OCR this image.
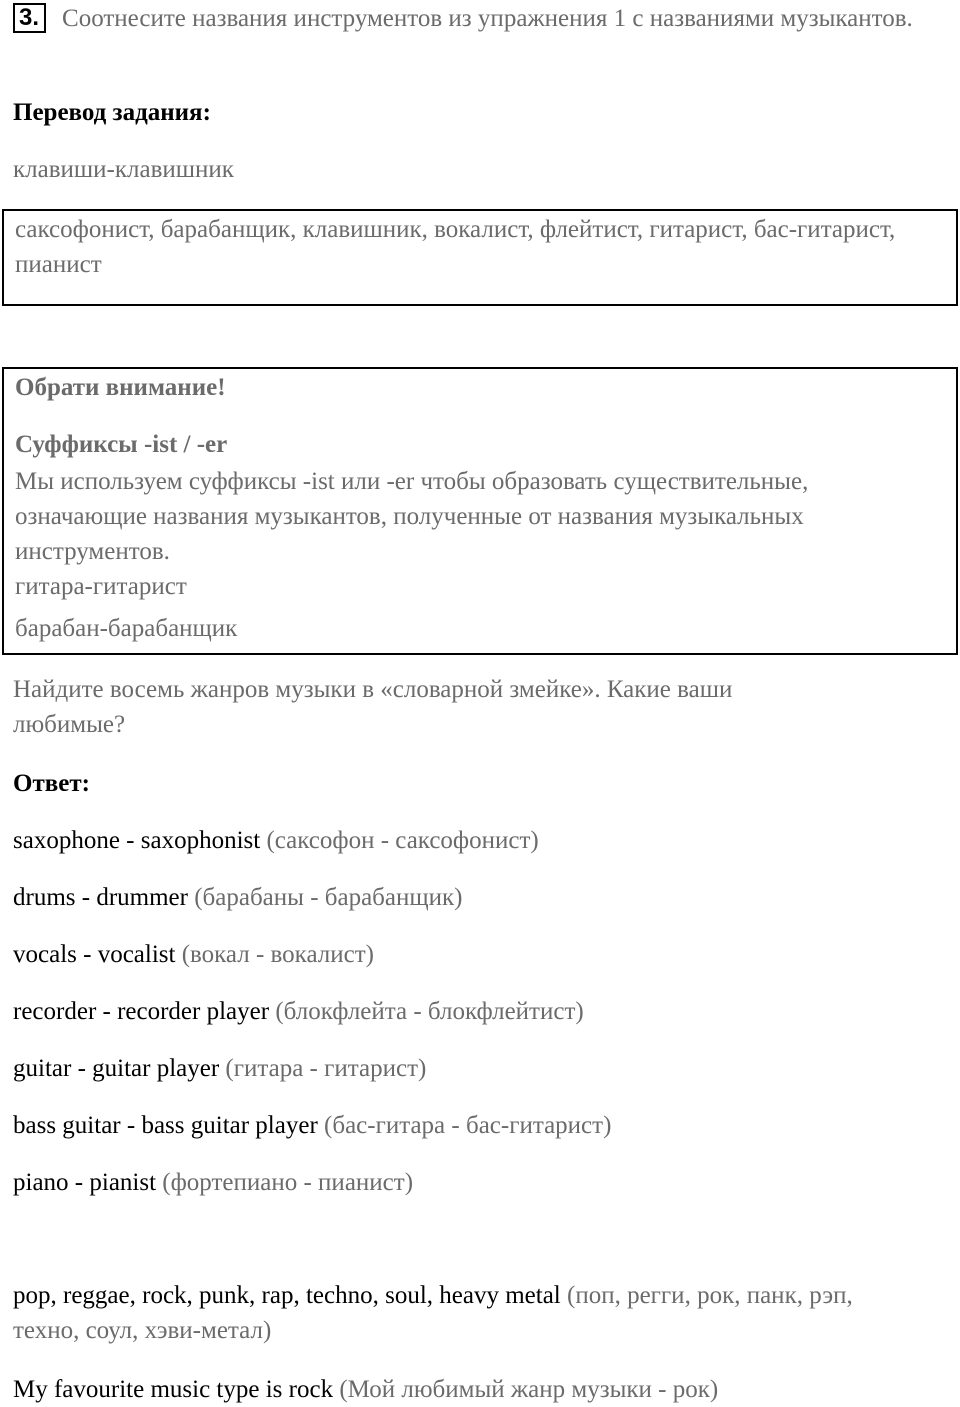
3. Соотнесите названия инструментов из упражнения 1 с названиями музыкантов.

Перевод задания:

клавиши-клавишник

саксофонист, барабанщик, клавишник, вокалист, флейтист, гитарист, бас-гитарист, пианист

Обрати внимание!

Суффиксы -ist / -er

Мы используем суффиксы -ist или -er чтобы образовать существительные, означающие названия музыкантов, полученные от названия музыкальных инструментов.

гитара-гитарист

барабан-барабанщик

Найдите восемь жанров музыки в «словарной змейке». Какие ваши любимые?

Ответ:

saxophone - saxophonist (саксофон - саксофонист)

drums - drummer (барабаны - барабанщик)

vocals - vocalist (вокал - вокалист)

recorder - recorder player (блокфлейта - блокфлейтист)

guitar - guitar player (гитара - гитарист)

bass guitar - bass guitar player (бас-гитара - бас-гитарист)

piano - pianist (фортепиано - пианист)

pop, reggae, rock, punk, rap, techno, soul, heavy metal (поп, регги, рок, панк, рэп, техно, соул, хэви-метал)

My favourite music type is rock (Мой любимый жанр музыки - рок)
